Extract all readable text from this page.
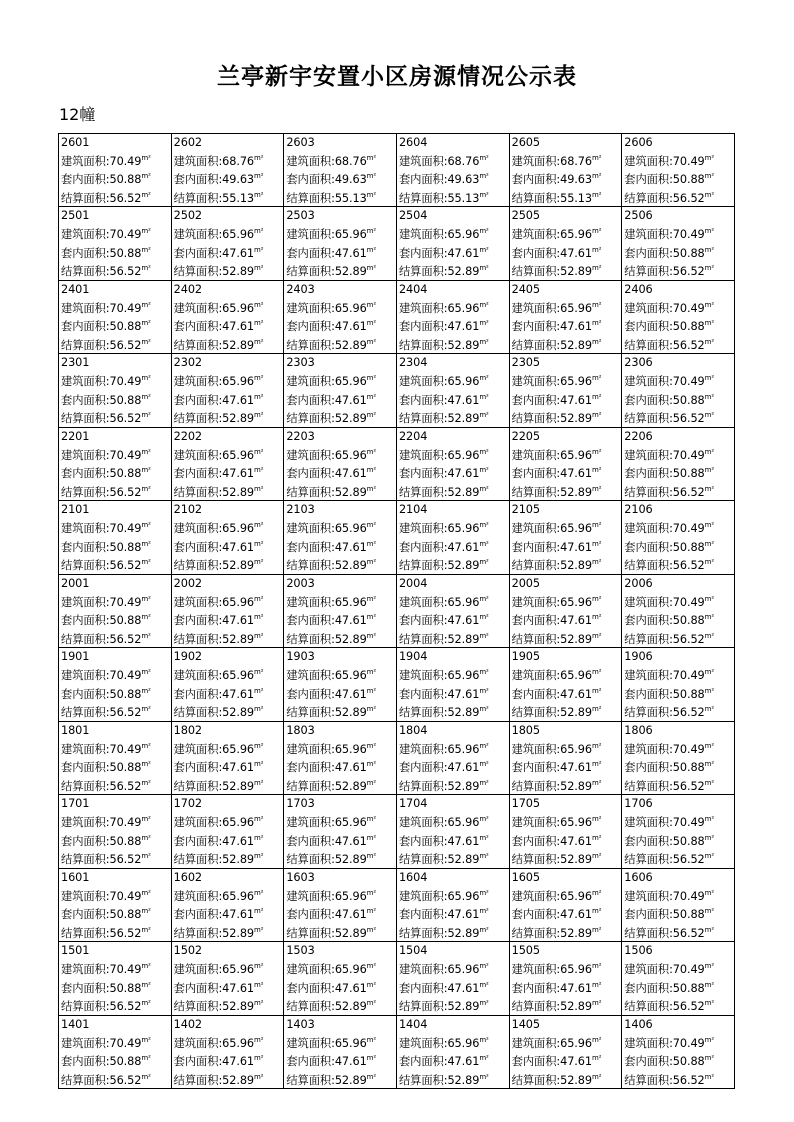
兰亭新宇安置小区房源情况公示表
12幢
2601
建筑面积$:70.49^{m^2}$
套内面积$:50.88^{m^2}$
结算面积$:56.52^{m^2}$	2602
建筑面积$:68.76^{m^2}$
套内面积$:49.63^{m^2}$
结算面积$:55.13^{m^2}$	2603
建筑面积$:68.76^{m^2}$
套内面积$:49.63^{m^2}$
结算面积$:55.13^{m^2}$	2604
建筑面积$:68.76^{m^2}$
套内面积$:49.63^{m^2}$
结算面积$:55.13^{m^2}$	2605
建筑面积$:68.76^{m^2}$
套内面积$:49.63^{m^2}$
结算面积$:55.13^{m^2}$	2606
建筑面积$:70.49^{m^2}$
套内面积$:50.88^{m^2}$
结算面积$:56.52^{m^2}$

2501
建筑面积$:70.49^{m^2}$
套内面积$:50.88^{m^2}$
结算面积$:56.52^{m^2}$	2502
建筑面积$:65.96^{m^2}$
套内面积$:47.61^{m^2}$
结算面积$:52.89^{m^2}$	2503
建筑面积$:65.96^{m^2}$
套内面积$:47.61^{m^2}$
结算面积$:52.89^{m^2}$	2504
建筑面积$:65.96^{m^2}$
套内面积$:47.61^{m^2}$
结算面积$:52.89^{m^2}$	2505
建筑面积$:65.96^{m^2}$
套内面积$:47.61^{m^2}$
结算面积$:52.89^{m^2}$	2506
建筑面积$:70.49^{m^2}$
套内面积$:50.88^{m^2}$
结算面积$:56.52^{m^2}$

2401
建筑面积$:70.49^{m^2}$
套内面积$:50.88^{m^2}$
结算面积$:56.52^{m^2}$	2402
建筑面积$:65.96^{m^2}$
套内面积$:47.61^{m^2}$
结算面积$:52.89^{m^2}$	2403
建筑面积$:65.96^{m^2}$
套内面积$:47.61^{m^2}$
结算面积$:52.89^{m^2}$	2404
建筑面积$:65.96^{m^2}$
套内面积$:47.61^{m^2}$
结算面积$:52.89^{m^2}$	2405
建筑面积$:65.96^{m^2}$
套内面积$:47.61^{m^2}$
结算面积$:52.89^{m^2}$	2406
建筑面积$:70.49^{m^2}$
套内面积$:50.88^{m^2}$
结算面积$:56.52^{m^2}$

2301
建筑面积$:70.49^{m^2}$
套内面积$:50.88^{m^2}$
结算面积$:56.52^{m^2}$	2302
建筑面积$:65.96^{m^2}$
套内面积$:47.61^{m^2}$
结算面积$:52.89^{m^2}$	2303
建筑面积$:65.96^{m^2}$
套内面积$:47.61^{m^2}$
结算面积$:52.89^{m^2}$	2304
建筑面积$:65.96^{m^2}$
套内面积$:47.61^{m^2}$
结算面积$:52.89^{m^2}$	2305
建筑面积$:65.96^{m^2}$
套内面积$:47.61^{m^2}$
结算面积$:52.89^{m^2}$	2306
建筑面积$:70.49^{m^2}$
套内面积$:50.88^{m^2}$
结算面积$:56.52^{m^2}$

2201
建筑面积$:70.49^{m^2}$
套内面积$:50.88^{m^2}$
结算面积$:56.52^{m^2}$	2202
建筑面积$:65.96^{m^2}$
套内面积$:47.61^{m^2}$
结算面积$:52.89^{m^2}$	2203
建筑面积$:65.96^{m^2}$
套内面积$:47.61^{m^2}$
结算面积$:52.89^{m^2}$	2204
建筑面积$:65.96^{m^2}$
套内面积$:47.61^{m^2}$
结算面积$:52.89^{m^2}$	2205
建筑面积$:65.96^{m^2}$
套内面积$:47.61^{m^2}$
结算面积$:52.89^{m^2}$	2206
建筑面积$:70.49^{m^2}$
套内面积$:50.88^{m^2}$
结算面积$:56.52^{m^2}$

2101
建筑面积$:70.49^{m^2}$
套内面积$:50.88^{m^2}$
结算面积$:56.52^{m^2}$	2102
建筑面积$:65.96^{m^2}$
套内面积$:47.61^{m^2}$
结算面积$:52.89^{m^2}$	2103
建筑面积$:65.96^{m^2}$
套内面积$:47.61^{m^2}$
结算面积$:52.89^{m^2}$	2104
建筑面积$:65.96^{m^2}$
套内面积$:47.61^{m^2}$
结算面积$:52.89^{m^2}$	2105
建筑面积$:65.96^{m^2}$
套内面积$:47.61^{m^2}$
结算面积$:52.89^{m^2}$	2106
建筑面积$:70.49^{m^2}$
套内面积$:50.88^{m^2}$
结算面积$:56.52^{m^2}$

2001
建筑面积$:70.49^{m^2}$
套内面积$:50.88^{m^2}$
结算面积$:56.52^{m^2}$	2002
建筑面积$:65.96^{m^2}$
套内面积$:47.61^{m^2}$
结算面积$:52.89^{m^2}$	2003
建筑面积$:65.96^{m^2}$
套内面积$:47.61^{m^2}$
结算面积$:52.89^{m^2}$	2004
建筑面积$:65.96^{m^2}$
套内面积$:47.61^{m^2}$
结算面积$:52.89^{m^2}$	2005
建筑面积$:65.96^{m^2}$
套内面积$:47.61^{m^2}$
结算面积$:52.89^{m^2}$	2006
建筑面积$:70.49^{m^2}$
套内面积$:50.88^{m^2}$
结算面积$:56.52^{m^2}$

1901
建筑面积$:70.49^{m^2}$
套内面积$:50.88^{m^2}$
结算面积$:56.52^{m^2}$	1902
建筑面积$:65.96^{m^2}$
套内面积$:47.61^{m^2}$
结算面积$:52.89^{m^2}$	1903
建筑面积$:65.96^{m^2}$
套内面积$:47.61^{m^2}$
结算面积$:52.89^{m^2}$	1904
建筑面积$:65.96^{m^2}$
套内面积$:47.61^{m^2}$
结算面积$:52.89^{m^2}$	1905
建筑面积$:65.96^{m^2}$
套内面积$:47.61^{m^2}$
结算面积$:52.89^{m^2}$	1906
建筑面积$:70.49^{m^2}$
套内面积$:50.88^{m^2}$
结算面积$:56.52^{m^2}$

1801
建筑面积$:70.49^{m^2}$
套内面积$:50.88^{m^2}$
结算面积$:56.52^{m^2}$	1802
建筑面积$:65.96^{m^2}$
套内面积$:47.61^{m^2}$
结算面积$:52.89^{m^2}$	1803
建筑面积$:65.96^{m^2}$
套内面积$:47.61^{m^2}$
结算面积$:52.89^{m^2}$	1804
建筑面积$:65.96^{m^2}$
套内面积$:47.61^{m^2}$
结算面积$:52.89^{m^2}$	1805
建筑面积$:65.96^{m^2}$
套内面积$:47.61^{m^2}$
结算面积$:52.89^{m^2}$	1806
建筑面积$:70.49^{m^2}$
套内面积$:50.88^{m^2}$
结算面积$:56.52^{m^2}$

1701
建筑面积$:70.49^{m^2}$
套内面积$:50.88^{m^2}$
结算面积$:56.52^{m^2}$	1702
建筑面积$:65.96^{m^2}$
套内面积$:47.61^{m^2}$
结算面积$:52.89^{m^2}$	1703
建筑面积$:65.96^{m^2}$
套内面积$:47.61^{m^2}$
结算面积$:52.89^{m^2}$	1704
建筑面积$:65.96^{m^2}$
套内面积$:47.61^{m^2}$
结算面积$:52.89^{m^2}$	1705
建筑面积$:65.96^{m^2}$
套内面积$:47.61^{m^2}$
结算面积$:52.89^{m^2}$	1706
建筑面积$:70.49^{m^2}$
套内面积$:50.88^{m^2}$
结算面积$:56.52^{m^2}$

1601
建筑面积$:70.49^{m^2}$
套内面积$:50.88^{m^2}$
结算面积$:56.52^{m^2}$	1602
建筑面积$:65.96^{m^2}$
套内面积$:47.61^{m^2}$
结算面积$:52.89^{m^2}$	1603
建筑面积$:65.96^{m^2}$
套内面积$:47.61^{m^2}$
结算面积$:52.89^{m^2}$	1604
建筑面积$:65.96^{m^2}$
套内面积$:47.61^{m^2}$
结算面积$:52.89^{m^2}$	1605
建筑面积$:65.96^{m^2}$
套内面积$:47.61^{m^2}$
结算面积$:52.89^{m^2}$	1606
建筑面积$:70.49^{m^2}$
套内面积$:50.88^{m^2}$
结算面积$:56.52^{m^2}$

1501
建筑面积$:70.49^{m^2}$
套内面积$:50.88^{m^2}$
结算面积$:56.52^{m^2}$	1502
建筑面积$:65.96^{m^2}$
套内面积$:47.61^{m^2}$
结算面积$:52.89^{m^2}$	1503
建筑面积$:65.96^{m^2}$
套内面积$:47.61^{m^2}$
结算面积$:52.89^{m^2}$	1504
建筑面积$:65.96^{m^2}$
套内面积$:47.61^{m^2}$
结算面积$:52.89^{m^2}$	1505
建筑面积$:65.96^{m^2}$
套内面积$:47.61^{m^2}$
结算面积$:52.89^{m^2}$	1506
建筑面积$:70.49^{m^2}$
套内面积$:50.88^{m^2}$
结算面积$:56.52^{m^2}$

1401
建筑面积$:70.49^{m^2}$
套内面积$:50.88^{m^2}$
结算面积$:56.52^{m^2}$	1402
建筑面积$:65.96^{m^2}$
套内面积$:47.61^{m^2}$
结算面积$:52.89^{m^2}$	1403
建筑面积$:65.96^{m^2}$
套内面积$:47.61^{m^2}$
结算面积$:52.89^{m^2}$	1404
建筑面积$:65.96^{m^2}$
套内面积$:47.61^{m^2}$
结算面积$:52.89^{m^2}$	1405
建筑面积$:65.96^{m^2}$
套内面积$:47.61^{m^2}$
结算面积$:52.89^{m^2}$	1406
建筑面积$:70.49^{m^2}$
套内面积$:50.88^{m^2}$
结算面积$:56.52^{m^2}$
